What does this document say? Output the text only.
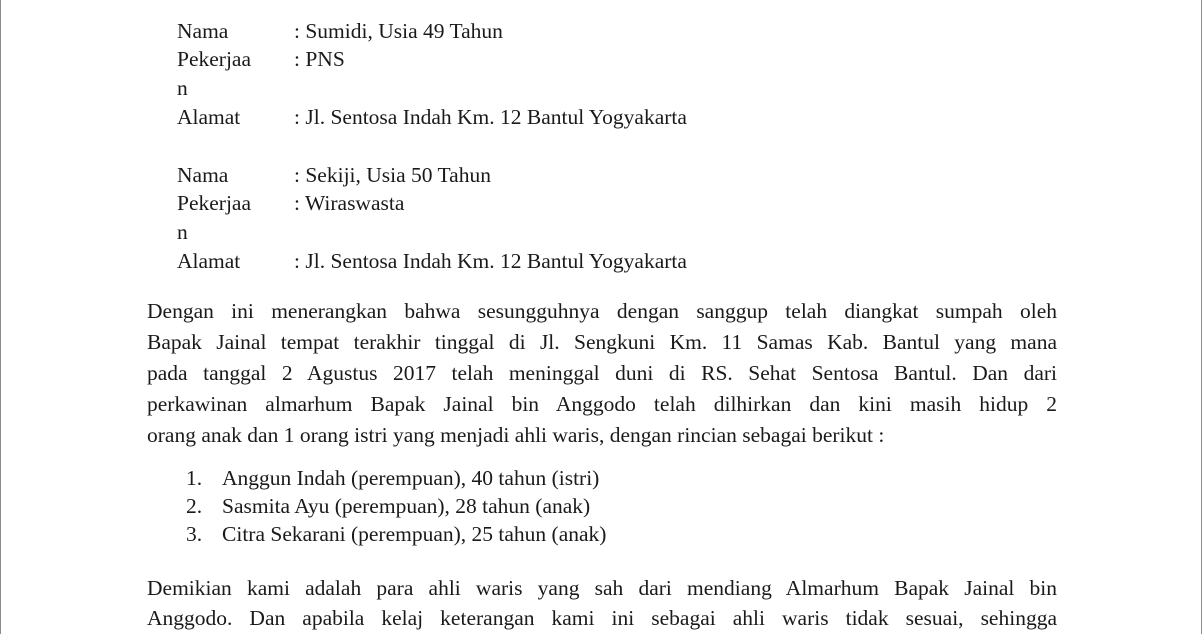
Nama	: Sumidi, Usia 49 Tahun
Pekerjaa : PNS
n
Alamat : Jl. Sentosa Indah Km. 12 Bantul Yogyakarta
Nama	: Sekiji, Usia 50 Tahun
Pekerjaa : Wiraswasta
n
Alamat : Jl. Sentosa Indah Km. 12 Bantul Yogyakarta
Dengan ini menerangkan bahwa sesungguhnya dengan sanggup telah diangkat sumpah oleh
Bapak Jainal tempat terakhir tinggal di Jl. Sengkuni Km. 11 Samas Kab. Bantul yang mana
pada tanggal 2 Agustus 2017 telah meninggal duni di RS. Sehat Sentosa Bantul. Dan dari
perkawinan almarhum Bapak Jainal bin Anggodo telah dilhirkan dan kini masih hidup 2
orang anak dan 1 orang istri yang menjadi ahli waris, dengan rincian sebagai berikut :
1. Anggun Indah (perempuan), 40 tahun (istri)
2. Sasmita Ayu (perempuan), 28 tahun (anak)
3. Citra Sekarani (perempuan), 25 tahun (anak)
Demikian kami adalah para ahli waris yang sah dari mendiang Almarhum Bapak Jainal bin
Anggodo. Dan apabila kelaj keterangan kami ini sebagai ahli waris tidak sesuai, sehingga
